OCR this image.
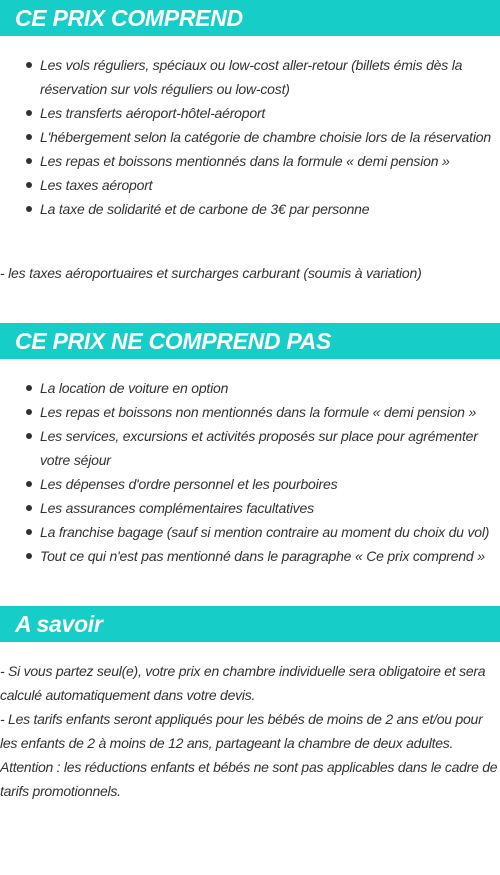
CE PRIX COMPREND
Les vols réguliers, spéciaux ou low-cost aller-retour (billets émis dès la réservation sur vols réguliers ou low-cost)
Les transferts aéroport-hôtel-aéroport
L'hébergement selon la catégorie de chambre choisie lors de la réservation
Les repas et boissons mentionnés dans la formule « demi pension »
Les taxes aéroport
La taxe de solidarité et de carbone de 3€ par personne

- les taxes aéroportuaires et surcharges carburant (soumis à variation)

CE PRIX NE COMPREND PAS
La location de voiture en option
Les repas et boissons non mentionnés dans la formule « demi pension »
Les services, excursions et activités proposés sur place pour agrémenter votre séjour
Les dépenses d'ordre personnel et les pourboires
Les assurances complémentaires facultatives
La franchise bagage (sauf si mention contraire au moment du choix du vol)
Tout ce qui n'est pas mentionné dans le paragraphe « Ce prix comprend »
A savoir

- Si vous partez seul(e), votre prix en chambre individuelle sera obligatoire et sera calculé automatiquement dans votre devis.

- Les tarifs enfants seront appliqués pour les bébés de moins de 2 ans et/ou pour les enfants de 2 à moins de 12 ans, partageant la chambre de deux adultes.

Attention : les réductions enfants et bébés ne sont pas applicables dans le cadre de tarifs promotionnels.
